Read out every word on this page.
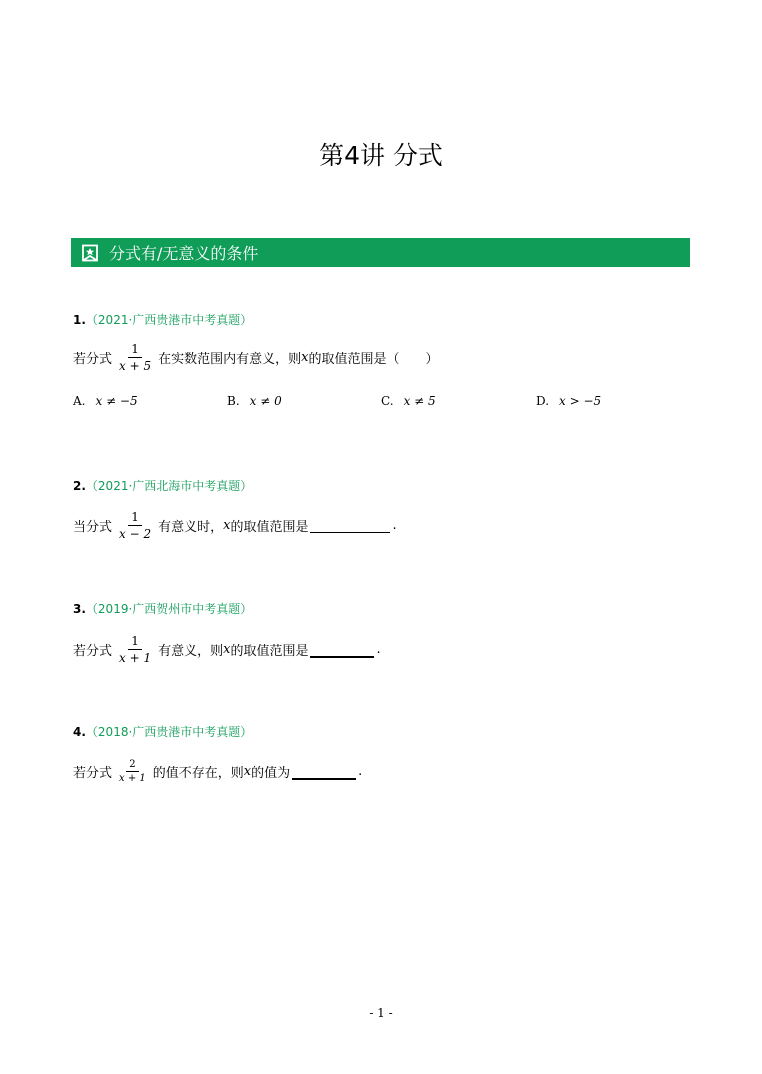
第4讲 分式
分式有/无意义的条件
1.（2021·广西贵港市中考真题）
若分式 $\frac{1}{x + 5}$ 在实数范围内有意义，则 x 的取值范围是（　　）
A. x ≠ −5	B. x ≠ 0	C. x ≠ 5	D. x > −5
2.（2021·广西北海市中考真题）
当分式 $\frac{1}{x - 2}$ 有意义时， x 的取值范围是	.
3.（2019·广西贺州市中考真题）
若分式 $\frac{1}{x + 1}$ 有意义，则 x 的取值范围是	.
4.（2018·广西贵港市中考真题）
若分式 $\frac{2}{x + 1}$ 的值不存在，则 x 的值为	.
- 1 -
